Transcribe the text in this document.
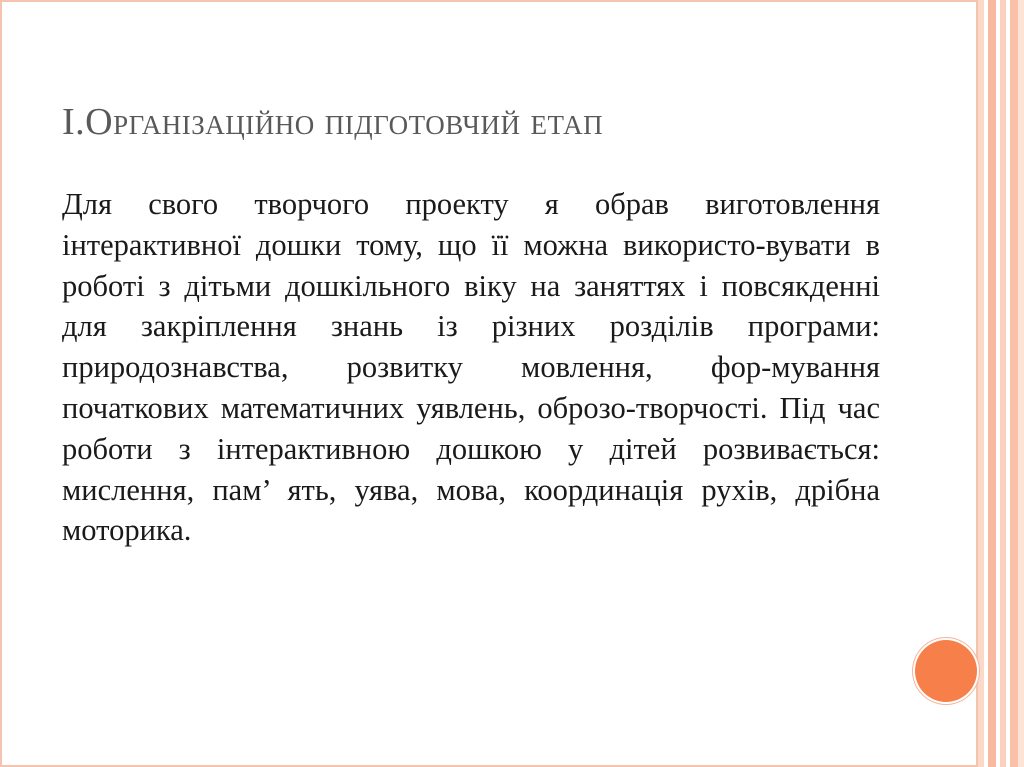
I.Організаційно підготовчий етап

Для свого творчого проекту я обрав виготовлення інтерактивної дошки тому, що її можна використо-вувати в роботі з дітьми дошкільного віку на заняттях і повсякденні для закріплення знань із різних розділів програми: природознавства, розвитку мовлення, фор-мування початкових математичних уявлень, оброзо-творчості. Під час роботи з інтерактивною дошкою у дітей розвивається: мислення, пам’ ять, уява, мова, координація рухів, дрібна моторика.
